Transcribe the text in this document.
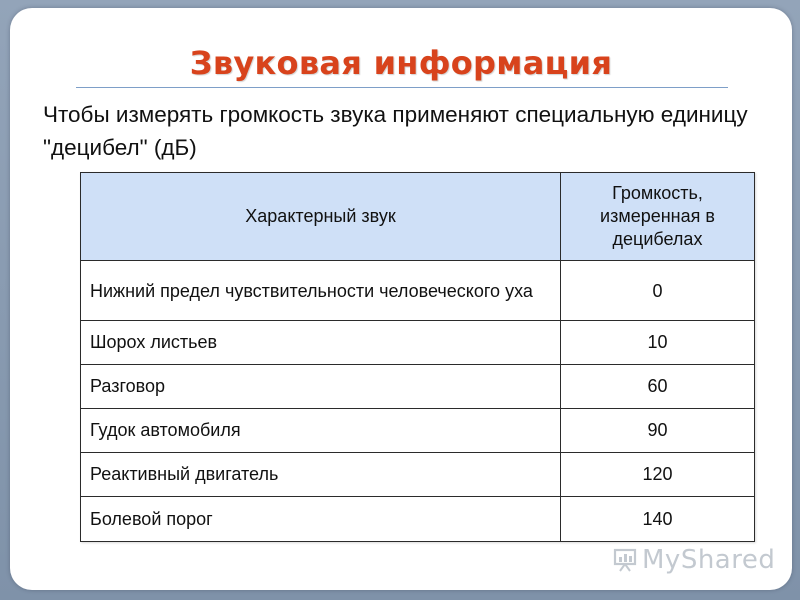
Звуковая информация
Чтобы измерять громкость звука применяют специальную единицу "децибел" (дБ)
Характерный звук	Громкость, измеренная в децибелах
Нижний предел чувствительности человеческого уха	0
Шорох листьев	10
Разговор	60
Гудок автомобиля	90
Реактивный двигатель	120
Болевой порог	140
MyShared
